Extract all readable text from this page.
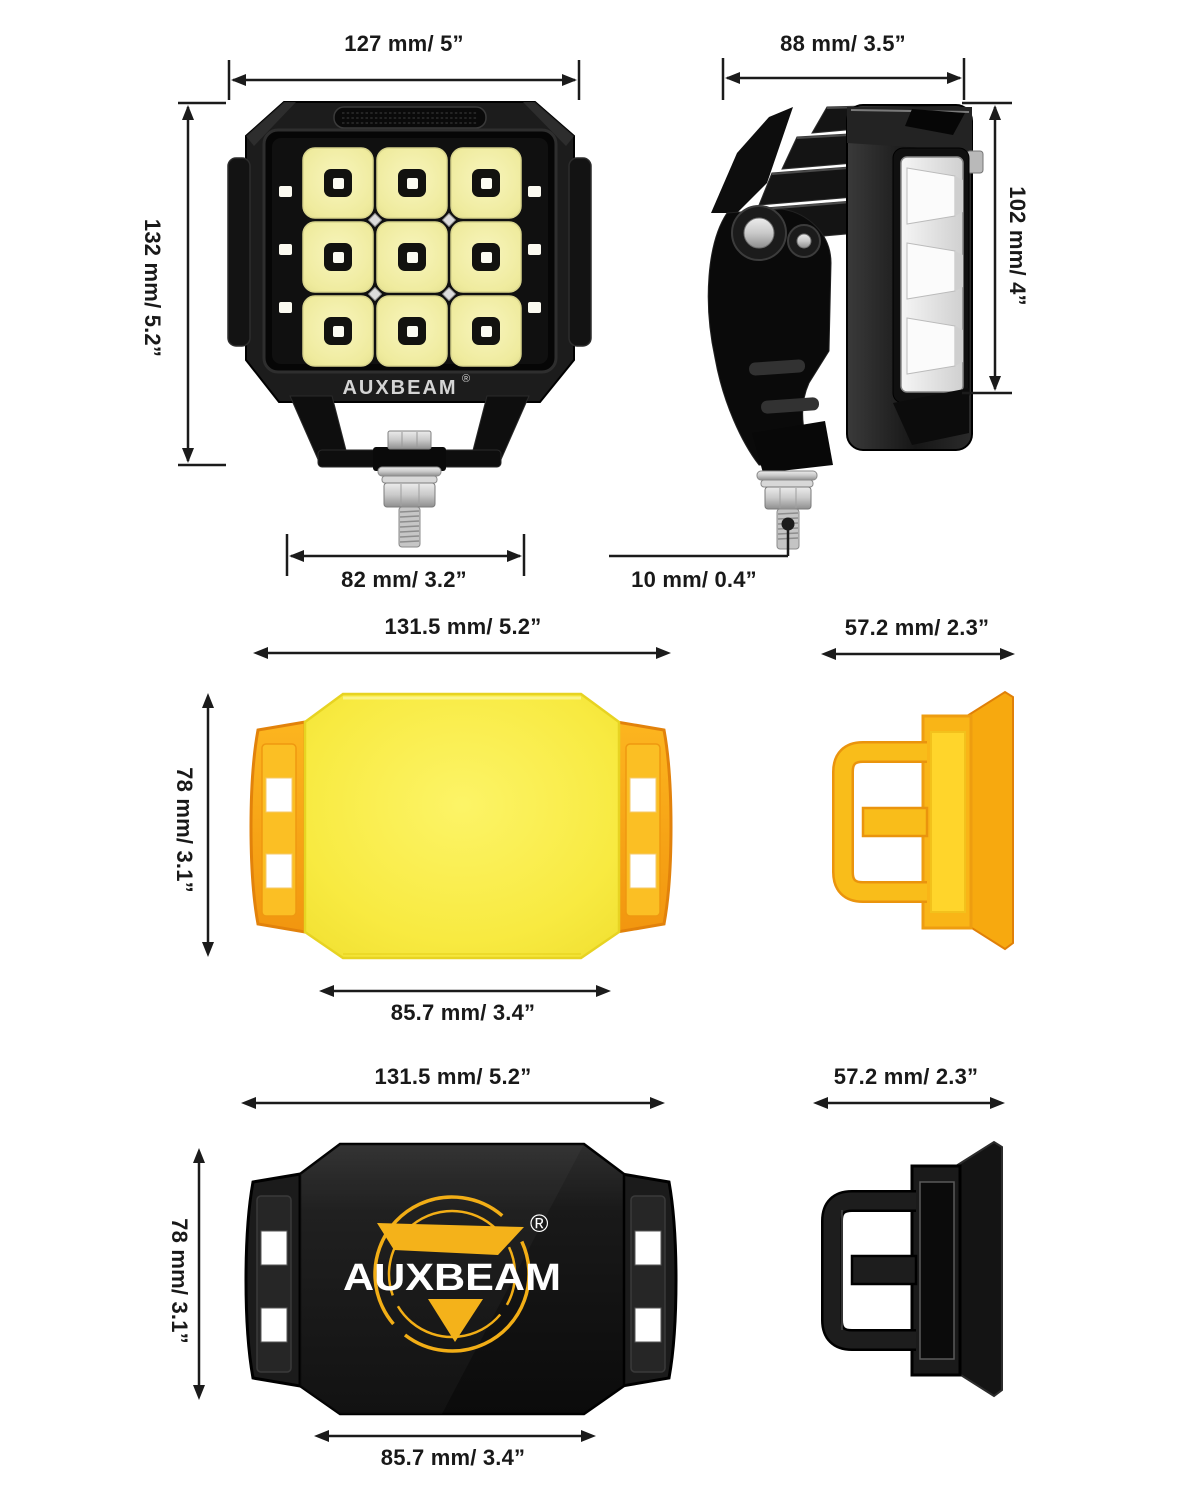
AUXBEAM ®
AUXBEAM
®
127 mm/ 5”	88 mm/ 3.5”
132 mm/ 5.2”	102 mm/ 4”
82 mm/ 3.2”	10 mm/ 0.4”
131.5 mm/ 5.2”	57.2 mm/ 2.3”
78 mm/ 3.1”
85.7 mm/ 3.4”
131.5 mm/ 5.2”	57.2 mm/ 2.3”
78 mm/ 3.1”
85.7 mm/ 3.4”
